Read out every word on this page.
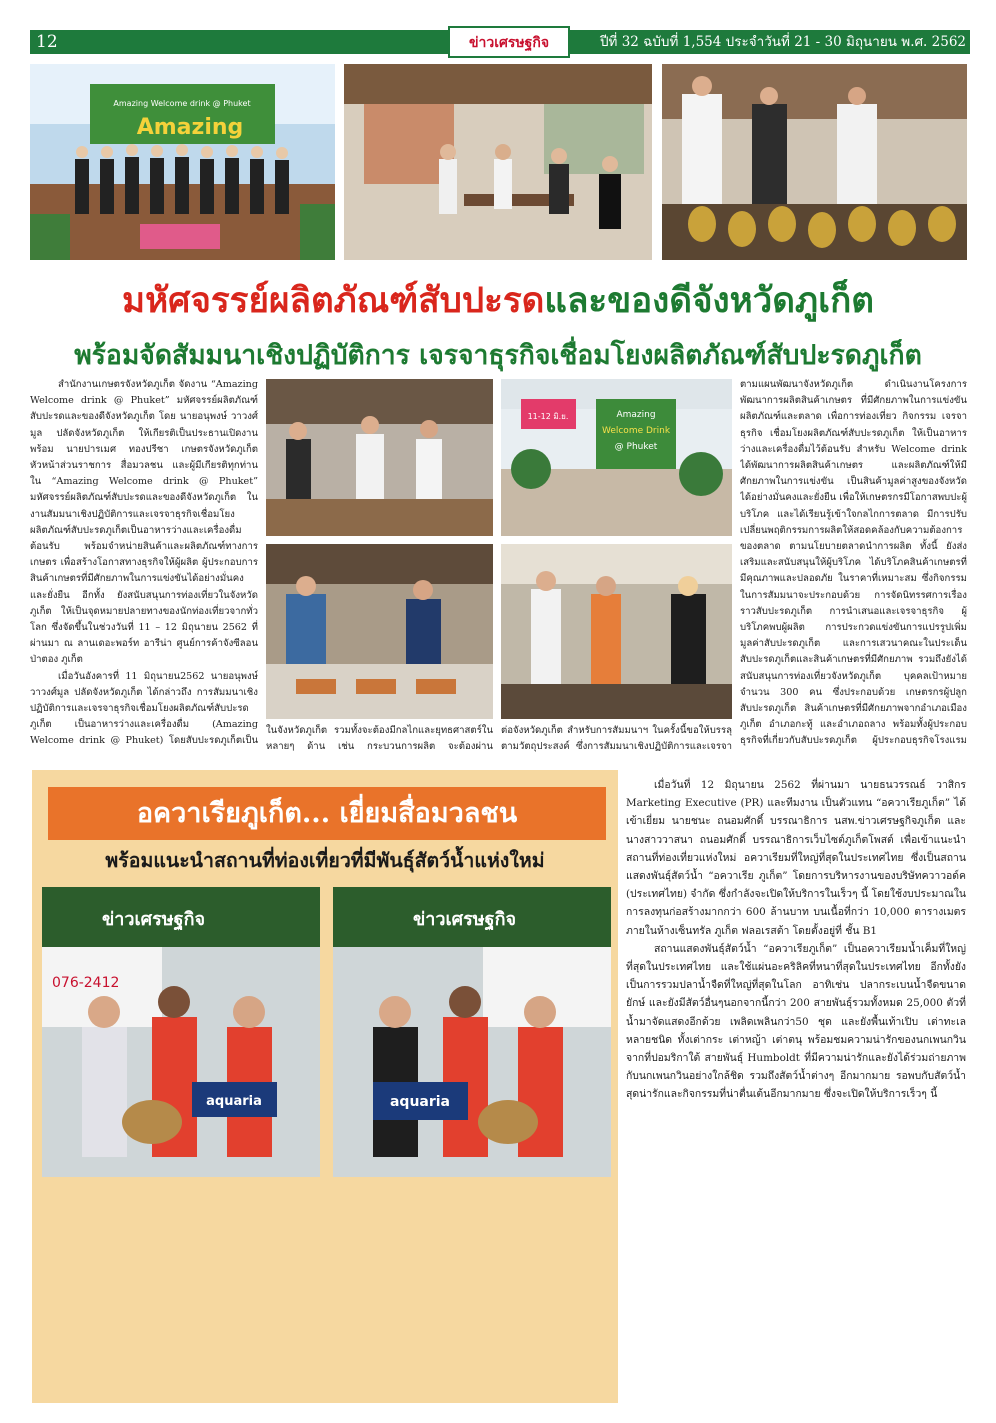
12	ข่าวเศรษฐกิจ	ปีที่ 32 ฉบับที่ 1,554 ประจำวันที่ 21 - 30 มิถุนายน พ.ศ. 2562
Amazing Welcome drink @ Phuket
Amazing
มหัศจรรย์ผลิตภัณฑ์สับปะรดและของดีจังหวัดภูเก็ต
พร้อมจัดสัมมนาเชิงปฏิบัติการ เจรจาธุรกิจเชื่อมโยงผลิตภัณฑ์สับปะรดภูเก็ต

สำนักงานเกษตรจังหวัดภูเก็ต จัดงาน “Amazing Welcome drink @ Phuket” มหัศจรรย์ผลิตภัณฑ์สับปะรดและของดีจังหวัดภูเก็ต โดย นายอนุพงษ์ วาวงศ์มูล ปลัดจังหวัดภูเก็ต ให้เกียรติเป็นประธานเปิดงาน พร้อม นายปารเมศ ทองปรีชา เกษตรจังหวัดภูเก็ต หัวหน้าส่วนราชการ สื่อมวลชน และผู้มีเกียรติทุกท่าน ใน “Amazing Welcome drink @ Phuket” มหัศจรรย์ผลิตภัณฑ์สับปะรดและของดีจังหวัดภูเก็ต ในงานสัมมนาเชิงปฏิบัติการและเจรจาธุรกิจเชื่อมโยงผลิตภัณฑ์สับปะรดภูเก็ตเป็นอาหารว่างและเครื่องดื่มต้อนรับ พร้อมจำหน่ายสินค้าและผลิตภัณฑ์ทางการเกษตร เพื่อสร้างโอกาสทางธุรกิจให้ผู้ผลิต ผู้ประกอบการสินค้าเกษตรที่มีศักยภาพในการแข่งขันได้อย่างมั่นคงและยั่งยืน อีกทั้ง ยังสนับสนุนการท่องเที่ยวในจังหวัดภูเก็ต ให้เป็นจุดหมายปลายทางของนักท่องเที่ยวจากทั่วโลก ซึ่งจัดขึ้นในช่วงวันที่ 11 – 12 มิถุนายน 2562 ที่ผ่านมา ณ ลานเดอะพอร์ท อารีน่า ศูนย์การค้าจังซีลอน ป่าตอง ภูเก็ต

เมื่อวันอังคารที่ 11 มิถุนายน2562 นายอนุพงษ์ วาวงศ์มูล ปลัดจังหวัดภูเก็ต ได้กล่าวถึง การสัมมนาเชิงปฏิบัติการและเจรจาธุรกิจเชื่อมโยงผลิตภัณฑ์สับปะรดภูเก็ต เป็นอาหารว่างและเครื่องดื่ม (Amazing Welcome drink @ Phuket) โดยสับปะรดภูเก็ตเป็น

Amazing
Welcome Drink
@ Phuket
11-12 มิ.ย.

ในจังหวัดภูเก็ต รวมทั้งจะต้องมีกลไกและยุทธศาสตร์ในหลายๆ ด้าน เช่น กระบวนการผลิต จะต้องผ่าน

ต่อจังหวัดภูเก็ต สำหรับการสัมมนาฯ ในครั้งนี้ขอให้บรรลุตามวัตถุประสงค์ ซึ่งการสัมมนาเชิงปฏิบัติการและเจรจา

ตามแผนพัฒนาจังหวัดภูเก็ต ดำเนินงานโครงการพัฒนาการผลิตสินค้าเกษตร ที่มีศักยภาพในการแข่งขัน ผลิตภัณฑ์และตลาด เพื่อการท่องเที่ยว กิจกรรม เจรจาธุรกิจ เชื่อมโยงผลิตภัณฑ์สับปะรดภูเก็ต ให้เป็นอาหารว่างและเครื่องดื่มไว้ต้อนรับ สำหรับ Welcome drink ได้พัฒนาการผลิตสินค้าเกษตร และผลิตภัณฑ์ให้มีศักยภาพในการแข่งขัน เป็นสินค้ามูลค่าสูงของจังหวัดได้อย่างมั่นคงและยั่งยืน เพื่อให้เกษตรกรมีโอกาสพบปะผู้บริโภค และได้เรียนรู้เข้าใจกลไกการตลาด มีการปรับเปลี่ยนพฤติกรรมการผลิตให้สอดคล้องกับความต้องการของตลาด ตามนโยบายตลาดนำการผลิต ทั้งนี้ ยังส่งเสริมและสนับสนุนให้ผู้บริโภค ได้บริโภคสินค้าเกษตรที่มีคุณภาพและปลอดภัย ในราคาที่เหมาะสม ซึ่งกิจกรรมในการสัมมนาจะประกอบด้วย การจัดนิทรรศการเรื่องราวสับปะรดภูเก็ต การนำเสนอและเจรจาธุรกิจ ผู้บริโภคพบผู้ผลิต การประกวดแข่งขันการแปรรูปเพิ่มมูลค่าสับปะรดภูเก็ต และการเสวนาคณะในประเด็นสับปะรดภูเก็ตและสินค้าเกษตรที่มีศักยภาพ รวมถึงยังได้สนับสนุนการท่องเที่ยวจังหวัดภูเก็ต บุคคลเป้าหมาย จำนวน 300 คน ซึ่งประกอบด้วย เกษตรกรผู้ปลูกสับปะรดภูเก็ต สินค้าเกษตรที่มีศักยภาพจากอำเภอเมืองภูเก็ต อำเภอกะทู้ และอำเภอถลาง พร้อมทั้งผู้ประกอบธุรกิจที่เกี่ยวกับสับปะรดภูเก็ต ผู้ประกอบธุรกิจโรงแรม

อควาเรียภูเก็ต... เยี่ยมสื่อมวลชน
พร้อมแนะนำสถานที่ท่องเที่ยวที่มีพันธุ์สัตว์น้ำแห่งใหม่
ข่าวเศรษฐกิจ
076-2412
aquaria
ข่าวเศรษฐกิจ
aquaria

เมื่อวันที่ 12 มิถุนายน 2562 ที่ผ่านมา นายธนวรรณธ์ วาสิกร Marketing Executive (PR) และทีมงาน เป็นตัวแทน “อควาเรียภูเก็ต” ได้เข้าเยี่ยม นายชนะ ถนอมศักดิ์ บรรณาธิการ นสพ.ข่าวเศรษฐกิจภูเก็ต และ นางสาววาสนา ถนอมศักดิ์ บรรณาธิการเว็บไซต์ภูเก็ตโพสต์ เพื่อเข้าแนะนำสถานที่ท่องเที่ยวแห่งใหม่ อควาเรียมที่ใหญ่ที่สุดในประเทศไทย ซึ่งเป็นสถานแสดงพันธุ์สัตว์น้ำ “อควาเรีย ภูเก็ต” โดยการบริหารงานของบริษัทควาวอด์ค (ประเทศไทย) จำกัด ซึ่งกำลังจะเปิดให้บริการในเร็วๆ นี้ โดยใช้งบประมาณในการลงทุนก่อสร้างมากกว่า 600 ล้านบาท บนเนื้อที่กว่า 10,000 ตารางเมตร ภายในห้างเซ็นทรัล ภูเก็ต ฟลอเรสต้า โดยตั้งอยู่ที่ ชั้น B1

สถานแสดงพันธุ์สัตว์น้ำ “อควาเรียภูเก็ต” เป็นอควาเรียมน้ำเค็มที่ใหญ่ที่สุดในประเทศไทย และใช้แผ่นอะคริลิคที่หนาที่สุดในประเทศไทย อีกทั้งยังเป็นการรวมปลาน้ำจืดที่ใหญ่ที่สุดในโลก อาทิเช่น ปลากระเบนน้ำจืดขนาดยักษ์ และยังมีสัตว์อื่นๆนอกจากนี้กว่า 200 สายพันธุ์รวมทั้งหมด 25,000 ตัวที่น้ำมาจัดแสดงอีกด้วย เพลิดเพลินกว่า50 ชุด และยังพื้นเท้าเปิบ เต่าทะเลหลายชนิด ทั้งเต่ากระ เต่าหญ้า เต่าตนุ พร้อมชมความน่ารักของนกเพนกวินจากที่ปอมริกาใต้ สายพันธุ์ Humboldt ที่มีความน่ารักและยังได้ร่วมถ่ายภาพกับนกเพนกวินอย่างใกล้ชิด รวมถึงสัตว์น้ำต่างๆ อีกมากมาย รอพบกับสัตว์น้ำสุดน่ารักและกิจกรรมที่น่าตื่นเต้นอีกมากมาย ซึ่งจะเปิดให้บริการเร็วๆ นี้
